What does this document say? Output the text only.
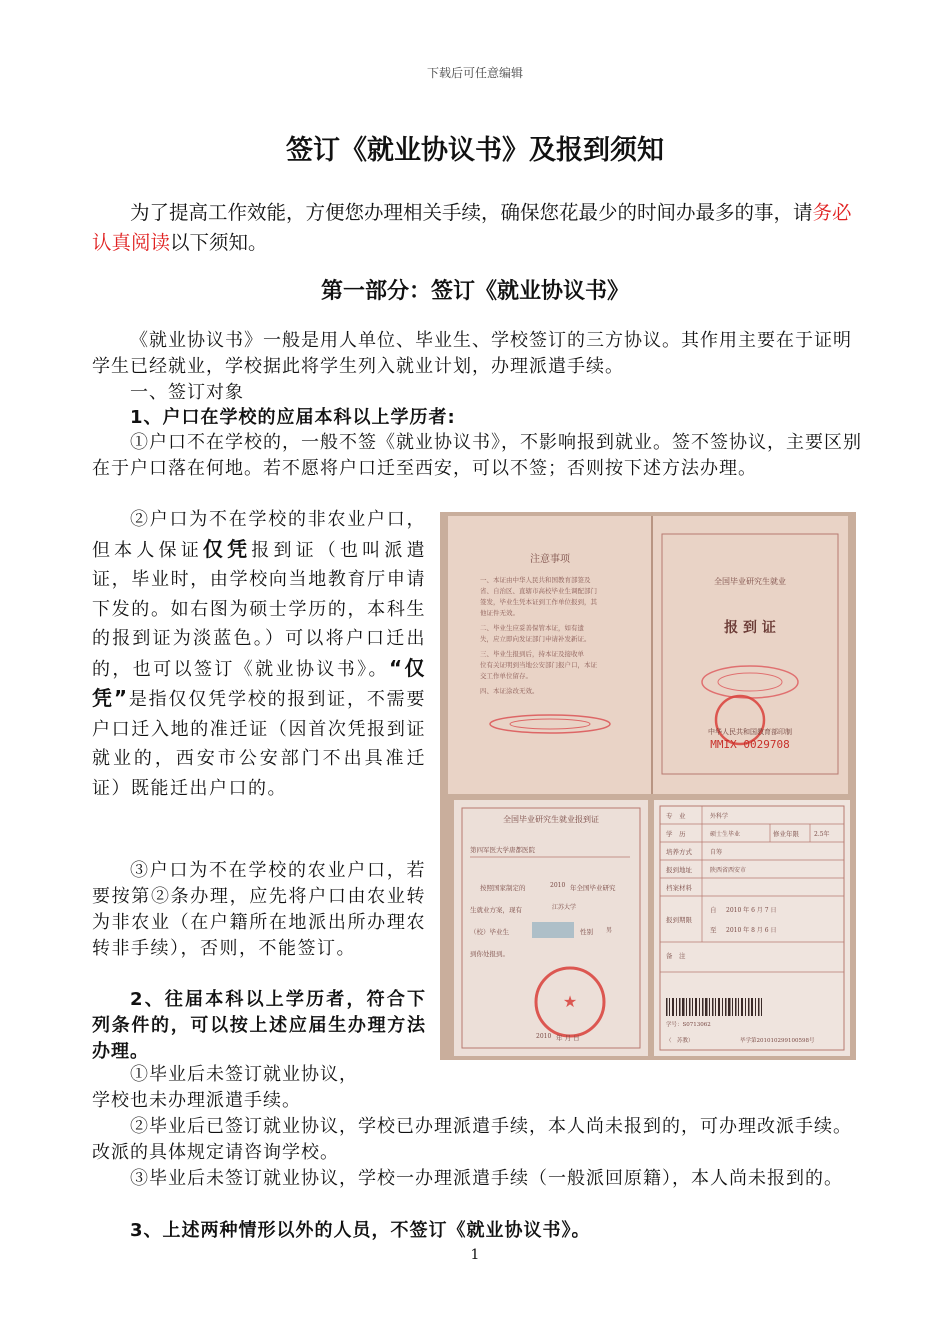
下载后可任意编辑
签订《就业协议书》及报到须知
为了提高工作效能，方便您办理相关手续，确保您花最少的时间办最多的事，请务必认真阅读以下须知。
第一部分：签订《就业协议书》
《就业协议书》一般是用人单位、毕业生、学校签订的三方协议。其作用主要在于证明学生已经就业，学校据此将学生列入就业计划，办理派遣手续。
一、签订对象
1、户口在学校的应届本科以上学历者:
①户口不在学校的，一般不签《就业协议书》，不影响报到就业。签不签协议，主要区别在于户口落在何地。若不愿将户口迁至西安，可以不签；否则按下述方法办理。
②户口为不在学校的非农业户口，但本人保证仅凭报到证（也叫派遣证，毕业时，由学校向当地教育厅申请下发的。如右图为硕士学历的，本科生的报到证为淡蓝色。）可以将户口迁出的，也可以签订《就业协议书》。“仅凭”是指仅仅凭学校的报到证，不需要户口迁入地的准迁证（因首次凭报到证就业的，西安市公安部门不出具准迁证）既能迁出户口的。
③户口为不在学校的农业户口，若要按第②条办理，应先将户口由农业转为非农业（在户籍所在地派出所办理农转非手续），否则，不能签订。
2、往届本科以上学历者，符合下列条件的，可以按上述应届生办理方法办理。
①毕业后未签订就业协议，
学校也未办理派遣手续。
②毕业后已签订就业协议，学校已办理派遣手续，本人尚未报到的，可办理改派手续。改派的具体规定请咨询学校。
③毕业后未签订就业协议，学校一办理派遣手续（一般派回原籍），本人尚未报到的。
3、上述两种情形以外的人员，不签订《就业协议书》。
注意事项
一、本证由中华人民共和国教育部签及
省、自治区、直辖市高校毕业生调配部门
签发，毕业生凭本证到工作单位报到，其
他证件无效。
二、毕业生应妥善保管本证，如有遗
失，应立即向发证部门申请补发新证。
三、毕业生报到后，持本证及接收单
位有关证明到当地公安部门报户口，本证
交工作单位留存。
四、本证涂改无效。
全国毕业研究生就业
报 到 证
中华人民共和国教育部印制
MMIX 0029708
全国毕业研究生就业报到证
第四军医大学唐都医院
按照国家制定的	2010 年全国毕业研究
生就业方案，现有	江苏大学
（校）毕业生	性别 男
到你处报到。
★
2010 年 月 日
专　业	外科学
学　历	硕士生毕业	修业年限	2.5年
培养方式	自筹
报到地址	陕西省西安市
档案材料
报到期限
自 2010 年 6 月 7 日
至 2010 年 8 月 6 日
备　注
学号：S0713062
（　苏教）	毕学第201010299100598号
1
